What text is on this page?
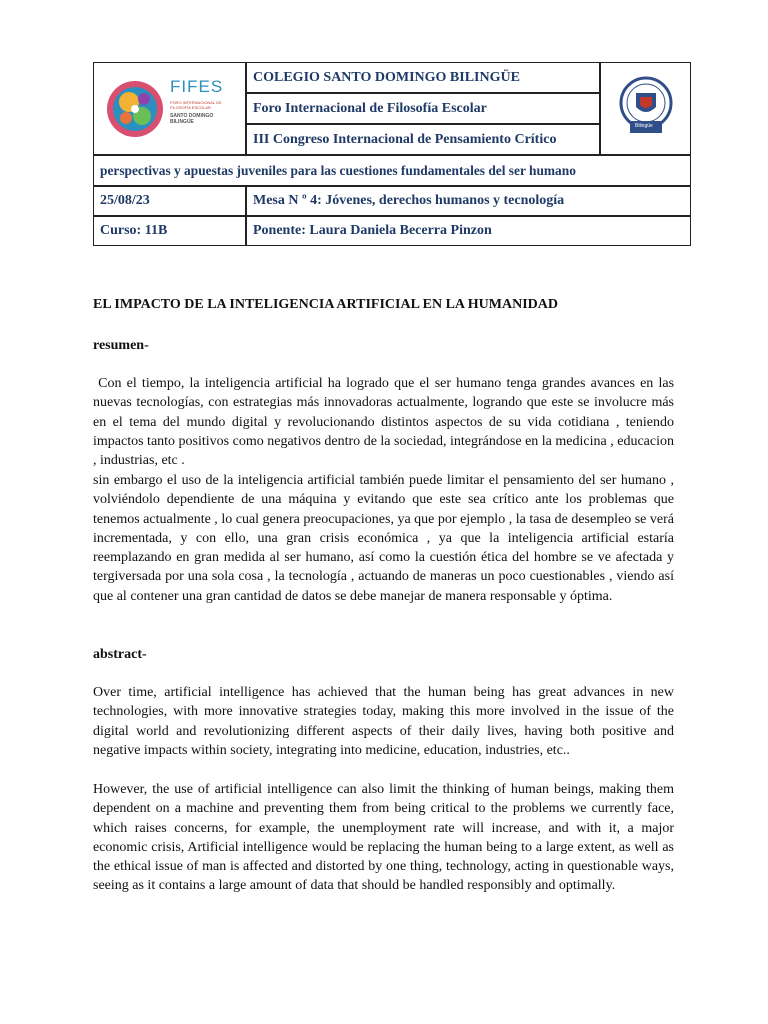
FIFES
FORO INTERNACIONAL DE FILOSOFÍA ESCOLAR
SANTO DOMINGO BILINGÜE
Bilingüe
COLEGIO SANTO DOMINGO BILINGÜE
Foro Internacional de Filosofía Escolar
III Congreso Internacional de Pensamiento Crítico
perspectivas y apuestas juveniles para las cuestiones fundamentales del ser humano
25/08/23	Mesa N º 4: Jóvenes, derechos humanos y tecnología
Curso: 11B	Ponente: Laura Daniela Becerra Pinzon
EL IMPACTO DE LA INTELIGENCIA ARTIFICIAL EN LA HUMANIDAD
resumen-
Con el tiempo, la inteligencia artificial ha logrado que el ser humano tenga grandes avances en las nuevas tecnologías, con estrategias más innovadoras actualmente, logrando que este se involucre más en el tema del mundo digital y revolucionando distintos aspectos de su vida cotidiana , teniendo impactos tanto positivos como negativos dentro de la sociedad, integrándose en la medicina , educacion , industrias, etc .
sin embargo el uso de la inteligencia artificial también puede limitar el pensamiento del ser humano , volviéndolo dependiente de una máquina y evitando que este sea crítico ante los problemas que tenemos actualmente , lo cual genera preocupaciones, ya que por ejemplo , la tasa de desempleo se verá incrementada, y con ello, una gran crisis económica , ya que la inteligencia artificial estaría reemplazando en gran medida al ser humano, así como la cuestión ética del hombre se ve afectada y tergiversada por una sola cosa , la tecnología , actuando de maneras un poco cuestionables , viendo así que al contener una gran cantidad de datos se debe manejar de manera responsable y óptima.
abstract-
Over time, artificial intelligence has achieved that the human being has great advances in new technologies, with more innovative strategies today, making this more involved in the issue of the digital world and revolutionizing different aspects of their daily lives, having both positive and negative impacts within society, integrating into medicine, education, industries, etc..
However, the use of artificial intelligence can also limit the thinking of human beings, making them dependent on a machine and preventing them from being critical to the problems we currently face, which raises concerns, for example, the unemployment rate will increase, and with it, a major economic crisis, Artificial intelligence would be replacing the human being to a large extent, as well as the ethical issue of man is affected and distorted by one thing, technology, acting in questionable ways, seeing as it contains a large amount of data that should be handled responsibly and optimally.
